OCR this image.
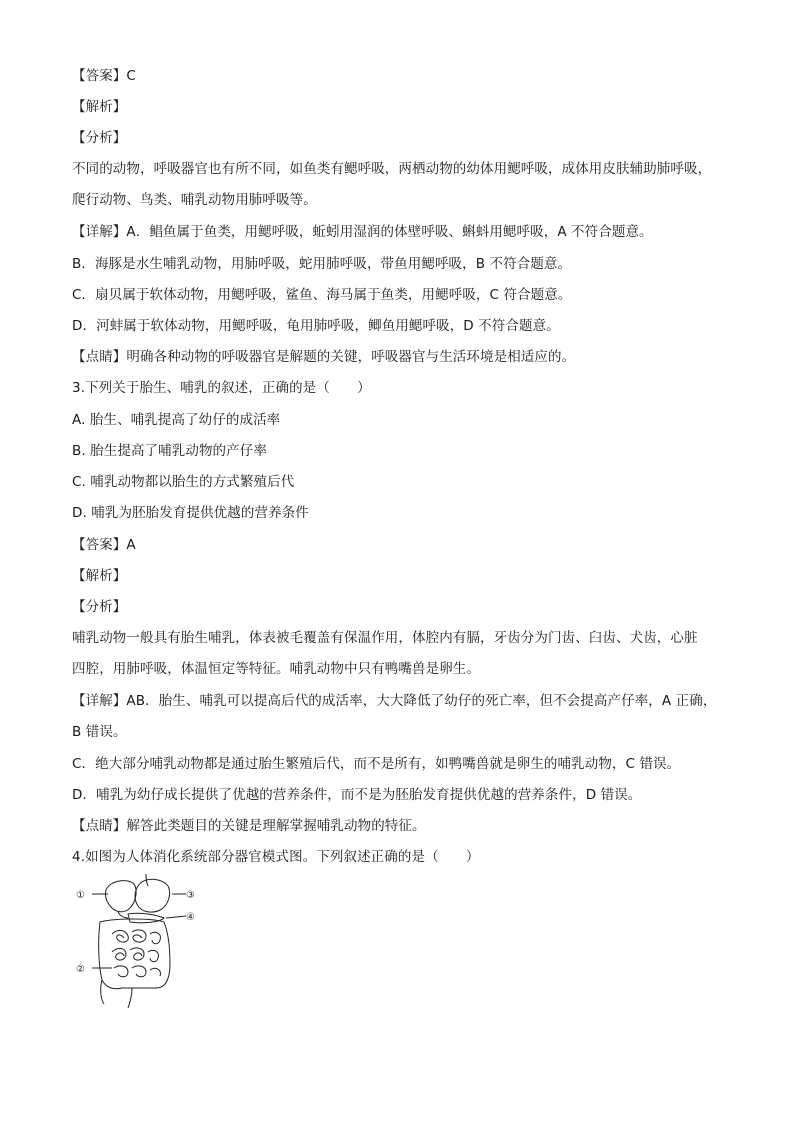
【答案】C
【解析】
【分析】
不同的动物，呼吸器官也有所不同，如鱼类有鳃呼吸，两栖动物的幼体用鳃呼吸，成体用皮肤辅助肺呼吸，
爬行动物、鸟类、哺乳动物用肺呼吸等。
【详解】A．鲳鱼属于鱼类，用鳃呼吸，蚯蚓用湿润的体壁呼吸、蝌蚪用鳃呼吸，A 不符合题意。
B．海豚是水生哺乳动物，用肺呼吸，蛇用肺呼吸，带鱼用鳃呼吸，B 不符合题意。
C．扇贝属于软体动物，用鳃呼吸，鲨鱼、海马属于鱼类，用鳃呼吸，C 符合题意。
D．河蚌属于软体动物，用鳃呼吸，龟用肺呼吸，鲫鱼用鳃呼吸，D 不符合题意。
【点睛】明确各种动物的呼吸器官是解题的关键，呼吸器官与生活环境是相适应的。
3.下列关于胎生、哺乳的叙述，正确的是（　　）
A. 胎生、哺乳提高了幼仔的成活率
B. 胎生提高了哺乳动物的产仔率
C. 哺乳动物都以胎生的方式繁殖后代
D. 哺乳为胚胎发育提供优越的营养条件
【答案】A
【解析】
【分析】
哺乳动物一般具有胎生哺乳，体表被毛覆盖有保温作用，体腔内有膈，牙齿分为门齿、臼齿、犬齿，心脏
四腔，用肺呼吸，体温恒定等特征。哺乳动物中只有鸭嘴兽是卵生。
【详解】AB．胎生、哺乳可以提高后代的成活率，大大降低了幼仔的死亡率，但不会提高产仔率，A 正确，
B 错误。
C．绝大部分哺乳动物都是通过胎生繁殖后代，而不是所有，如鸭嘴兽就是卵生的哺乳动物，C 错误。
D．哺乳为幼仔成长提供了优越的营养条件，而不是为胚胎发育提供优越的营养条件，D 错误。
【点睛】解答此类题目的关键是理解掌握哺乳动物的特征。
4.如图为人体消化系统部分器官模式图。下列叙述正确的是（　　）
①
②
③
④
